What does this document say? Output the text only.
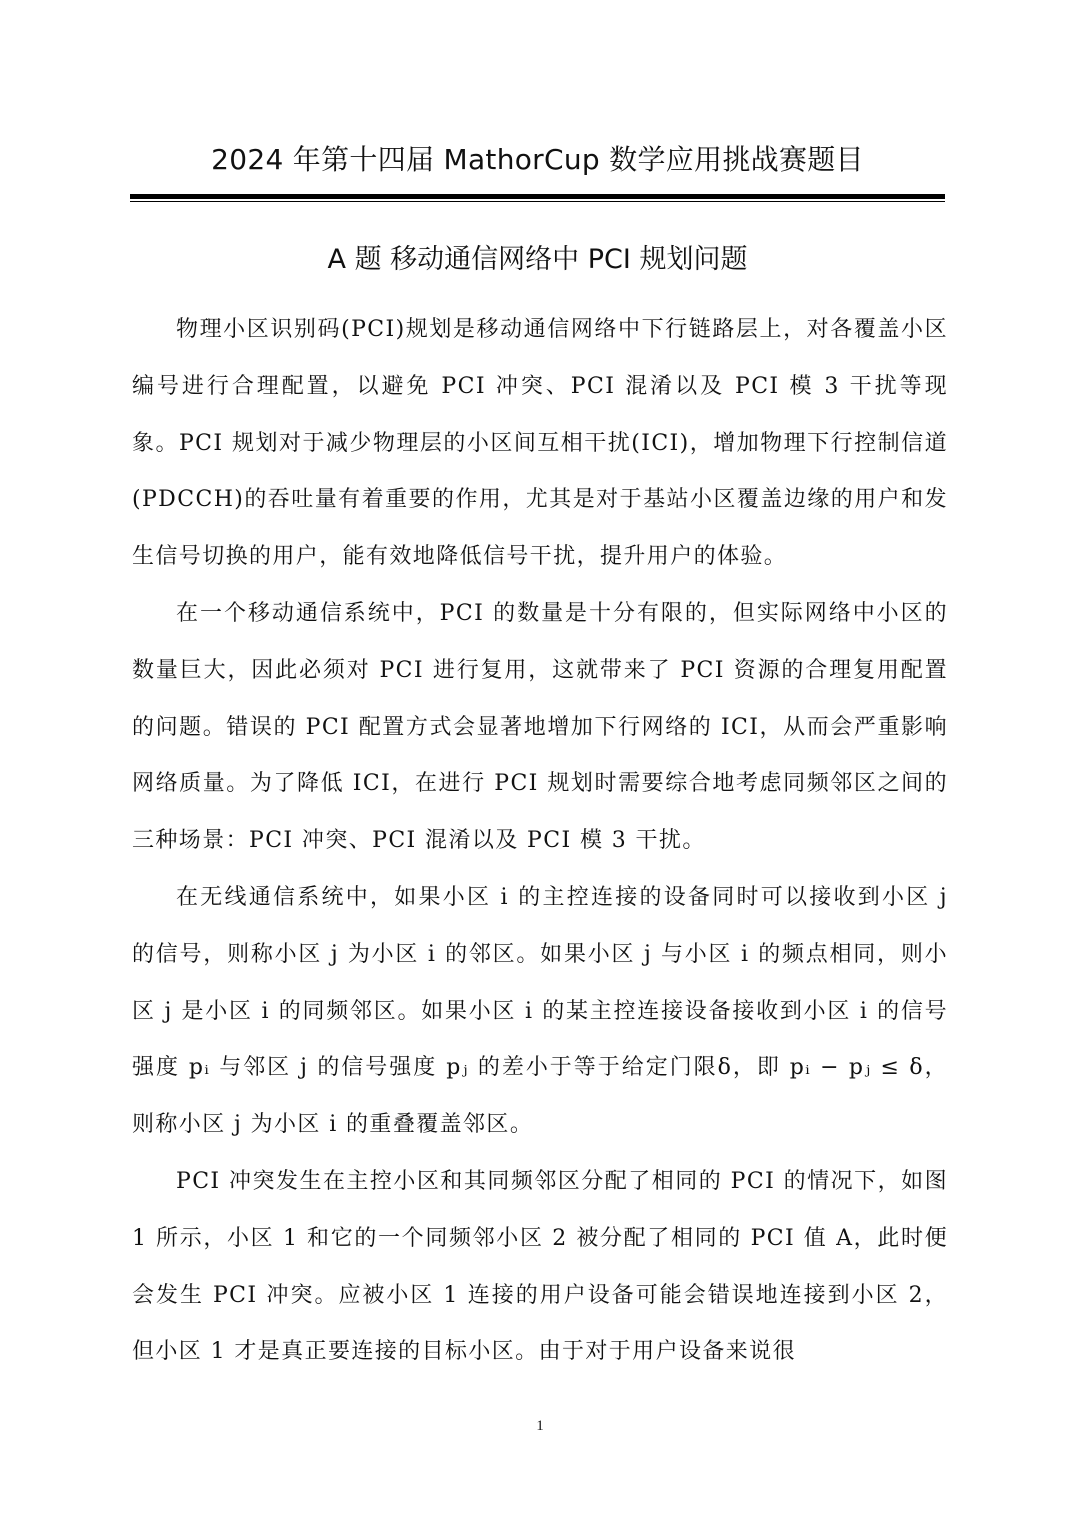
2024 年第十四届 MathorCup 数学应用挑战赛题目
A 题 移动通信网络中 PCI 规划问题

物理小区识别码(PCI)规划是移动通信网络中下行链路层上，对各覆盖小区编号进行合理配置，以避免 PCI 冲突、PCI 混淆以及 PCI 模 3 干扰等现象。PCI 规划对于减少物理层的小区间互相干扰(ICI)，增加物理下行控制信道(PDCCH)的吞吐量有着重要的作用，尤其是对于基站小区覆盖边缘的用户和发生信号切换的用户，能有效地降低信号干扰，提升用户的体验。

在一个移动通信系统中，PCI 的数量是十分有限的，但实际网络中小区的数量巨大，因此必须对 PCI 进行复用，这就带来了 PCI 资源的合理复用配置的问题。错误的 PCI 配置方式会显著地增加下行网络的 ICI，从而会严重影响网络质量。为了降低 ICI，在进行 PCI 规划时需要综合地考虑同频邻区之间的三种场景：PCI 冲突、PCI 混淆以及 PCI 模 3 干扰。

在无线通信系统中，如果小区 i 的主控连接的设备同时可以接收到小区 j 的信号，则称小区 j 为小区 i 的邻区。如果小区 j 与小区 i 的频点相同，则小区 j 是小区 i 的同频邻区。如果小区 i 的某主控连接设备接收到小区 i 的信号强度 pᵢ 与邻区 j 的信号强度 pⱼ 的差小于等于给定门限δ，即 pᵢ − pⱼ ≤ δ，则称小区 j 为小区 i 的重叠覆盖邻区。

PCI 冲突发生在主控小区和其同频邻区分配了相同的 PCI 的情况下，如图 1 所示，小区 1 和它的一个同频邻小区 2 被分配了相同的 PCI 值 A，此时便会发生 PCI 冲突。应被小区 1 连接的用户设备可能会错误地连接到小区 2，但小区 1 才是真正要连接的目标小区。由于对于用户设备来说很

1
